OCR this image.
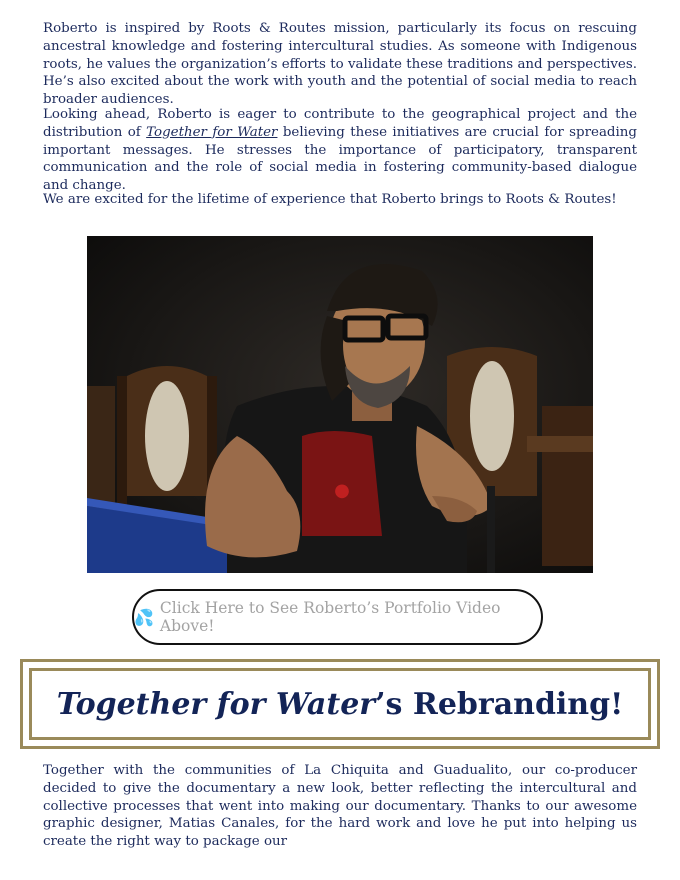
Roberto is inspired by Roots & Routes mission, particularly its focus on rescuing ancestral knowledge and fostering intercultural studies. As someone with Indigenous roots, he values the organization’s efforts to validate these traditions and perspectives. He’s also excited about the work with youth and the potential of social media to reach broader audiences.

Looking ahead, Roberto is eager to contribute to the geographical project and the distribution of Together for Water believing these initiatives are crucial for spreading important messages. He stresses the importance of participatory, transparent communication and the role of social media in fostering community-based dialogue and change.

We are excited for the lifetime of experience that Roberto brings to Roots & Routes!

●
💦 Click Here to See Roberto’s Portfolio Video Above!
Together for Water’s Rebranding!

Together with the communities of La Chiquita and Guadualito, our co-producer decided to give the documentary a new look, better reflecting the intercultural and collective processes that went into making our documentary. Thanks to our awesome graphic designer, Matias Canales, for the hard work and love he put into helping us create the right way to package our
